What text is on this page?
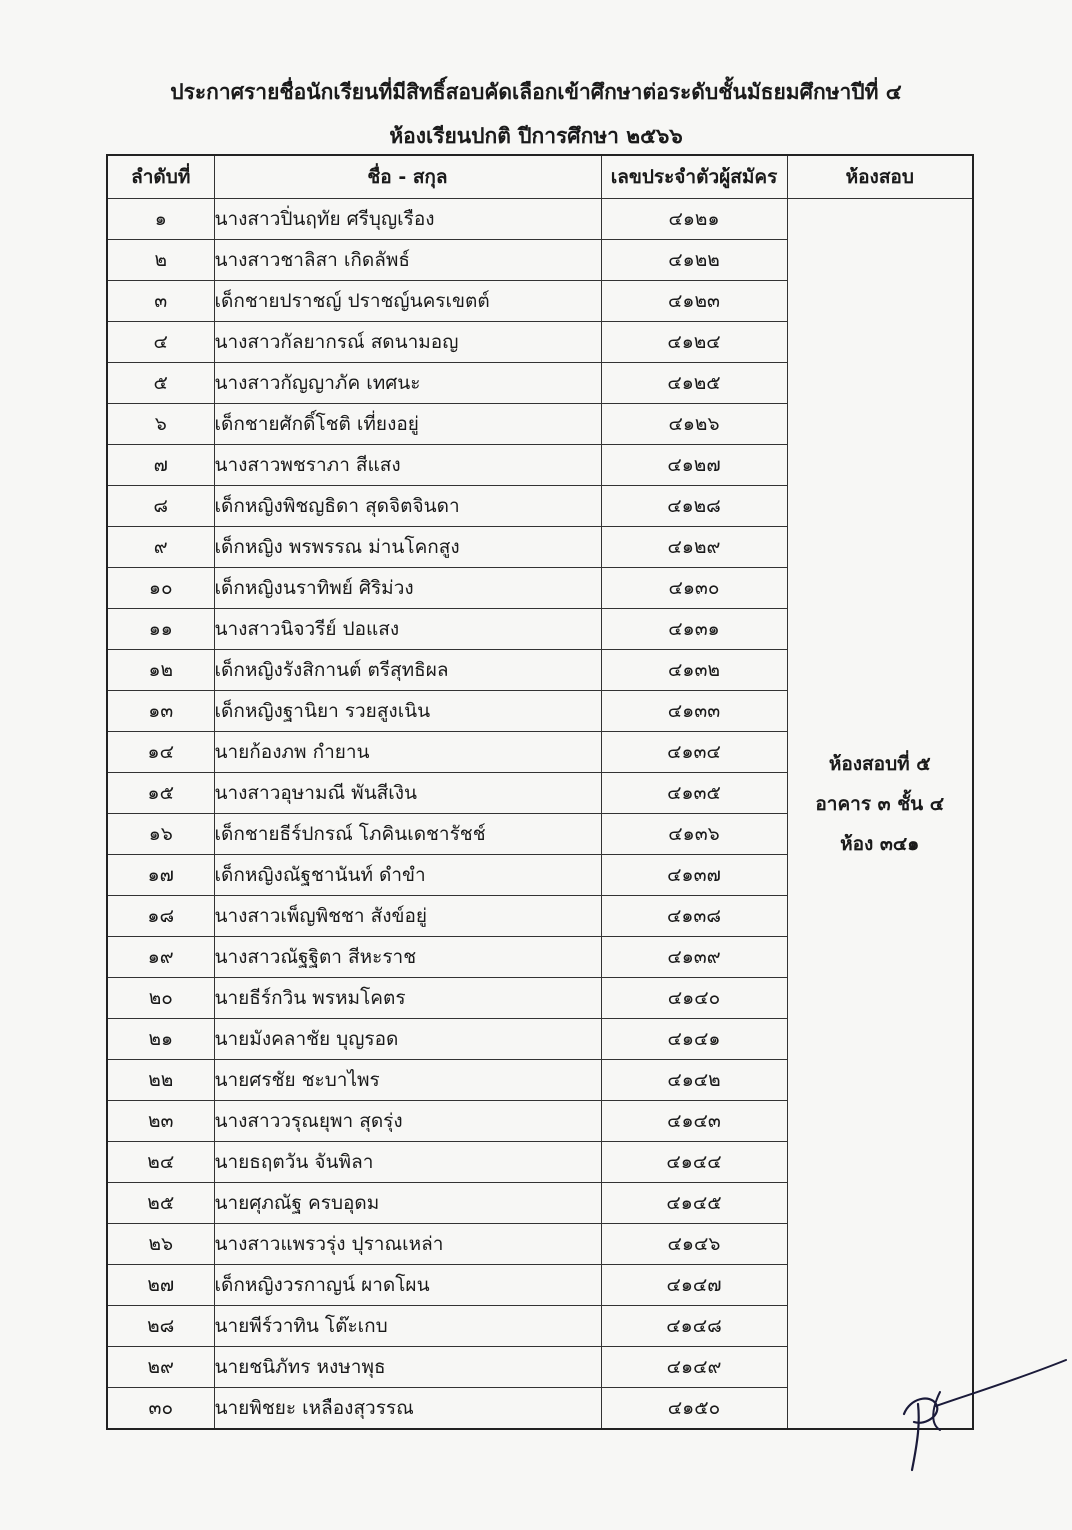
ประกาศรายชื่อนักเรียนที่มีสิทธิ์สอบคัดเลือกเข้าศึกษาต่อระดับชั้นมัธยมศึกษาปีที่ ๔
ห้องเรียนปกติ ปีการศึกษา ๒๕๖๖
ลำดับที่	ชื่อ - สกุล	เลขประจำตัวผู้สมัคร	ห้องสอบ
๑	นางสาวปิ่นฤทัย ศรีบุญเรือง	๔๑๒๑	ห้องสอบที่ ๕
อาคาร ๓ ชั้น ๔
ห้อง ๓๔๑

๒	นางสาวชาลิสา เกิดลัพธ์	๔๑๒๒	
๓	เด็กชายปราชญ์ ปราชญ์นครเขตต์	๔๑๒๓	
๔	นางสาวกัลยากรณ์ สดนามอญ	๔๑๒๔	
๕	นางสาวกัญญาภัค เทศนะ	๔๑๒๕	
๖	เด็กชายศักดิ์โชติ เที่ยงอยู่	๔๑๒๖	
๗	นางสาวพชราภา สีแสง	๔๑๒๗	
๘	เด็กหญิงพิชญธิดา สุดจิตจินดา	๔๑๒๘	
๙	เด็กหญิง พรพรรณ ม่านโคกสูง	๔๑๒๙	
๑๐	เด็กหญิงนราทิพย์ ศิริม่วง	๔๑๓๐	
๑๑	นางสาวนิจวรีย์ ปอแสง	๔๑๓๑	
๑๒	เด็กหญิงรังสิกานต์ ตรีสุทธิผล	๔๑๓๒	
๑๓	เด็กหญิงฐานิยา รวยสูงเนิน	๔๑๓๓	
๑๔	นายก้องภพ กำยาน	๔๑๓๔	
๑๕	นางสาวอุษามณี พันสีเงิน	๔๑๓๕	
๑๖	เด็กชายธีร์ปกรณ์ โภคินเดชารัชช์	๔๑๓๖	
๑๗	เด็กหญิงณัฐชานันท์ ดำขำ	๔๑๓๗	
๑๘	นางสาวเพ็ญพิชชา สังข์อยู่	๔๑๓๘	
๑๙	นางสาวณัฐฐิตา สีหะราช	๔๑๓๙	
๒๐	นายธีร์กวิน พรหมโคตร	๔๑๔๐	
๒๑	นายมังคลาชัย บุญรอด	๔๑๔๑	
๒๒	นายศรชัย ชะบาไพร	๔๑๔๒	
๒๓	นางสาววรุณยุพา สุดรุ่ง	๔๑๔๓	
๒๔	นายธฤตวัน จันพิลา	๔๑๔๔	
๒๕	นายศุภณัฐ ครบอุดม	๔๑๔๕	
๒๖	นางสาวแพรวรุ่ง ปุราณเหล่า	๔๑๔๖	
๒๗	เด็กหญิงวรกาญน์ ผาดโผน	๔๑๔๗	
๒๘	นายพีร์วาทิน โต๊ะเกบ	๔๑๔๘	
๒๙	นายชนิภัทร หงษาพุธ	๔๑๔๙	
๓๐	นายพิชยะ เหลืองสุวรรณ	๔๑๕๐	
